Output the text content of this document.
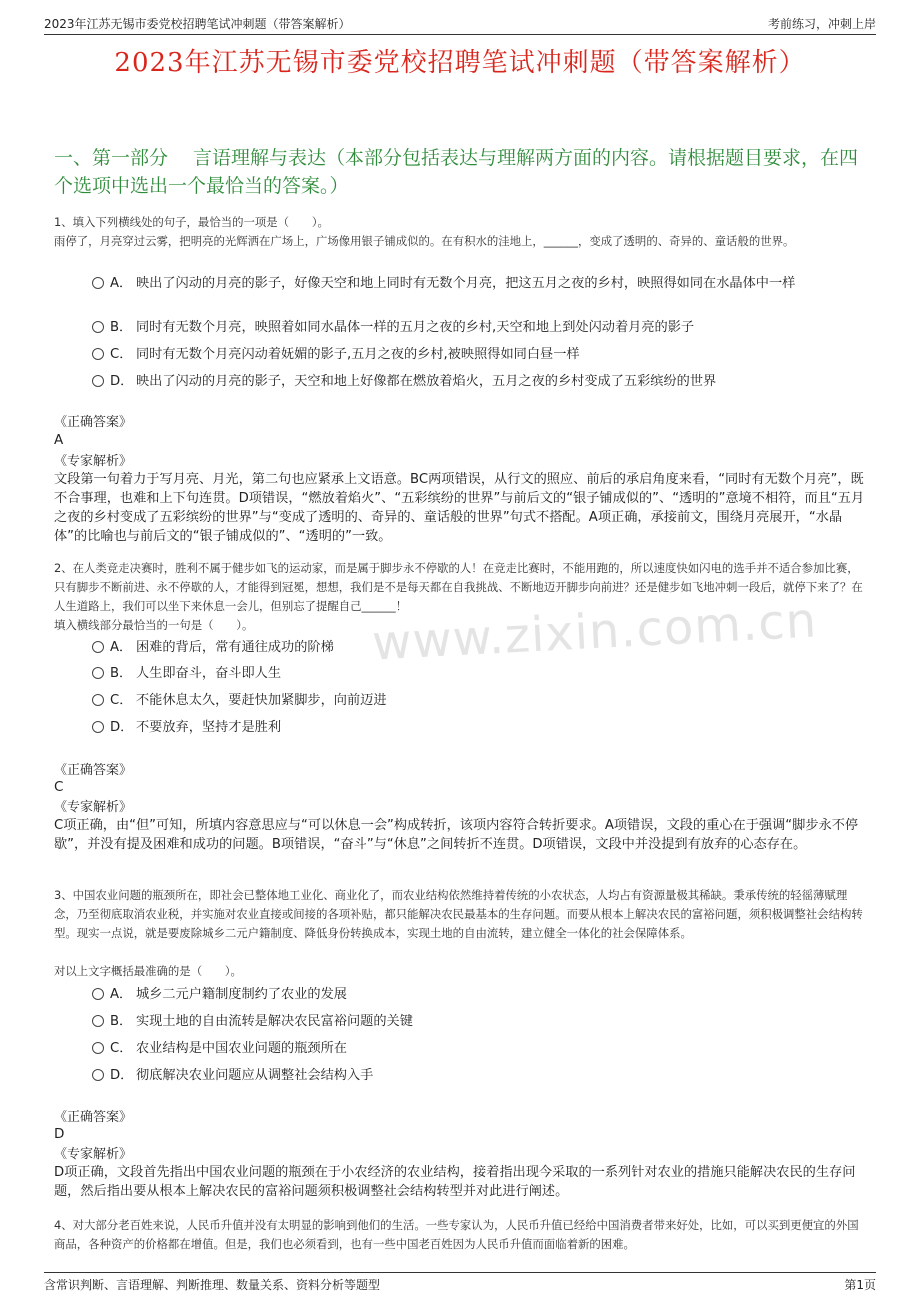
2023年江苏无锡市委党校招聘笔试冲刺题（带答案解析）	考前练习，冲刺上岸
2023年江苏无锡市委党校招聘笔试冲刺题（带答案解析）
一、第一部分　 言语理解与表达（本部分包括表达与理解两方面的内容。请根据题目要求，在四个选项中选出一个最恰当的答案。）
www.zixin.com.cn
1、填入下列横线处的句子，最恰当的一项是（　　）。
雨停了，月亮穿过云雾，把明亮的光辉洒在广场上，广场像用银子铺成似的。在有积水的洼地上，______，变成了透明的、奇异的、童话般的世界。
A． 映出了闪动的月亮的影子，好像天空和地上同时有无数个月亮，把这五月之夜的乡村，映照得如同在水晶体中一样
B． 同时有无数个月亮，映照着如同水晶体一样的五月之夜的乡村,天空和地上到处闪动着月亮的影子
C． 同时有无数个月亮闪动着妩媚的影子,五月之夜的乡村,被映照得如同白昼一样
D． 映出了闪动的月亮的影子，天空和地上好像都在燃放着焰火，五月之夜的乡村变成了五彩缤纷的世界
《正确答案》
A
《专家解析》
文段第一句着力于写月亮、月光，第二句也应紧承上文语意。BC两项错误，从行文的照应、前后的承启角度来看，“同时有无数个月亮”，既不合事理，也难和上下句连贯。D项错误，“燃放着焰火”、“五彩缤纷的世界”与前后文的“银子铺成似的”、“透明的”意境不相符，而且“五月之夜的乡村变成了五彩缤纷的世界”与“变成了透明的、奇异的、童话般的世界”句式不搭配。A项正确，承接前文，围绕月亮展开，“水晶体”的比喻也与前后文的“银子铺成似的”、“透明的”一致。
2、在人类竞走决赛时，胜利不属于健步如飞的运动家，而是属于脚步永不停歇的人！在竞走比赛时，不能用跑的，所以速度快如闪电的选手并不适合参加比赛，只有脚步不断前进、永不停歇的人，才能得到冠冕，想想，我们是不是每天都在自我挑战、不断地迈开脚步向前进？还是健步如飞地冲刺一段后，就停下来了？在人生道路上，我们可以坐下来休息一会儿，但别忘了提醒自己______！
填入横线部分最恰当的一句是（　　）。
A． 困难的背后，常有通往成功的阶梯
B． 人生即奋斗，奋斗即人生
C． 不能休息太久，要赶快加紧脚步，向前迈进
D． 不要放弃，坚持才是胜利
《正确答案》
C
《专家解析》
C项正确，由“但”可知，所填内容意思应与“可以休息一会”构成转折，该项内容符合转折要求。A项错误，文段的重心在于强调“脚步永不停歇”，并没有提及困难和成功的问题。B项错误，“奋斗”与“休息”之间转折不连贯。D项错误，文段中并没提到有放弃的心态存在。
3、中国农业问题的瓶颈所在，即社会已整体地工业化、商业化了，而农业结构依然维持着传统的小农状态，人均占有资源量极其稀缺。秉承传统的轻徭薄赋理念，乃至彻底取消农业税，并实施对农业直接或间接的各项补贴，都只能解决农民最基本的生存问题。而要从根本上解决农民的富裕问题，须积极调整社会结构转型。现实一点说，就是要废除城乡二元户籍制度、降低身份转换成本，实现土地的自由流转，建立健全一体化的社会保障体系。
对以上文字概括最准确的是（　　）。
A． 城乡二元户籍制度制约了农业的发展
B． 实现土地的自由流转是解决农民富裕问题的关键
C． 农业结构是中国农业问题的瓶颈所在
D． 彻底解决农业问题应从调整社会结构入手
《正确答案》
D
《专家解析》
D项正确，文段首先指出中国农业问题的瓶颈在于小农经济的农业结构，接着指出现今采取的一系列针对农业的措施只能解决农民的生存问题，然后指出要从根本上解决农民的富裕问题须积极调整社会结构转型并对此进行阐述。
4、对大部分老百姓来说，人民币升值并没有太明显的影响到他们的生活。一些专家认为，人民币升值已经给中国消费者带来好处，比如，可以买到更便宜的外国商品，各种资产的价格都在增值。但是，我们也必须看到，也有一些中国老百姓因为人民币升值而面临着新的困难。
含常识判断、言语理解、判断推理、数量关系、资料分析等题型	第1页
